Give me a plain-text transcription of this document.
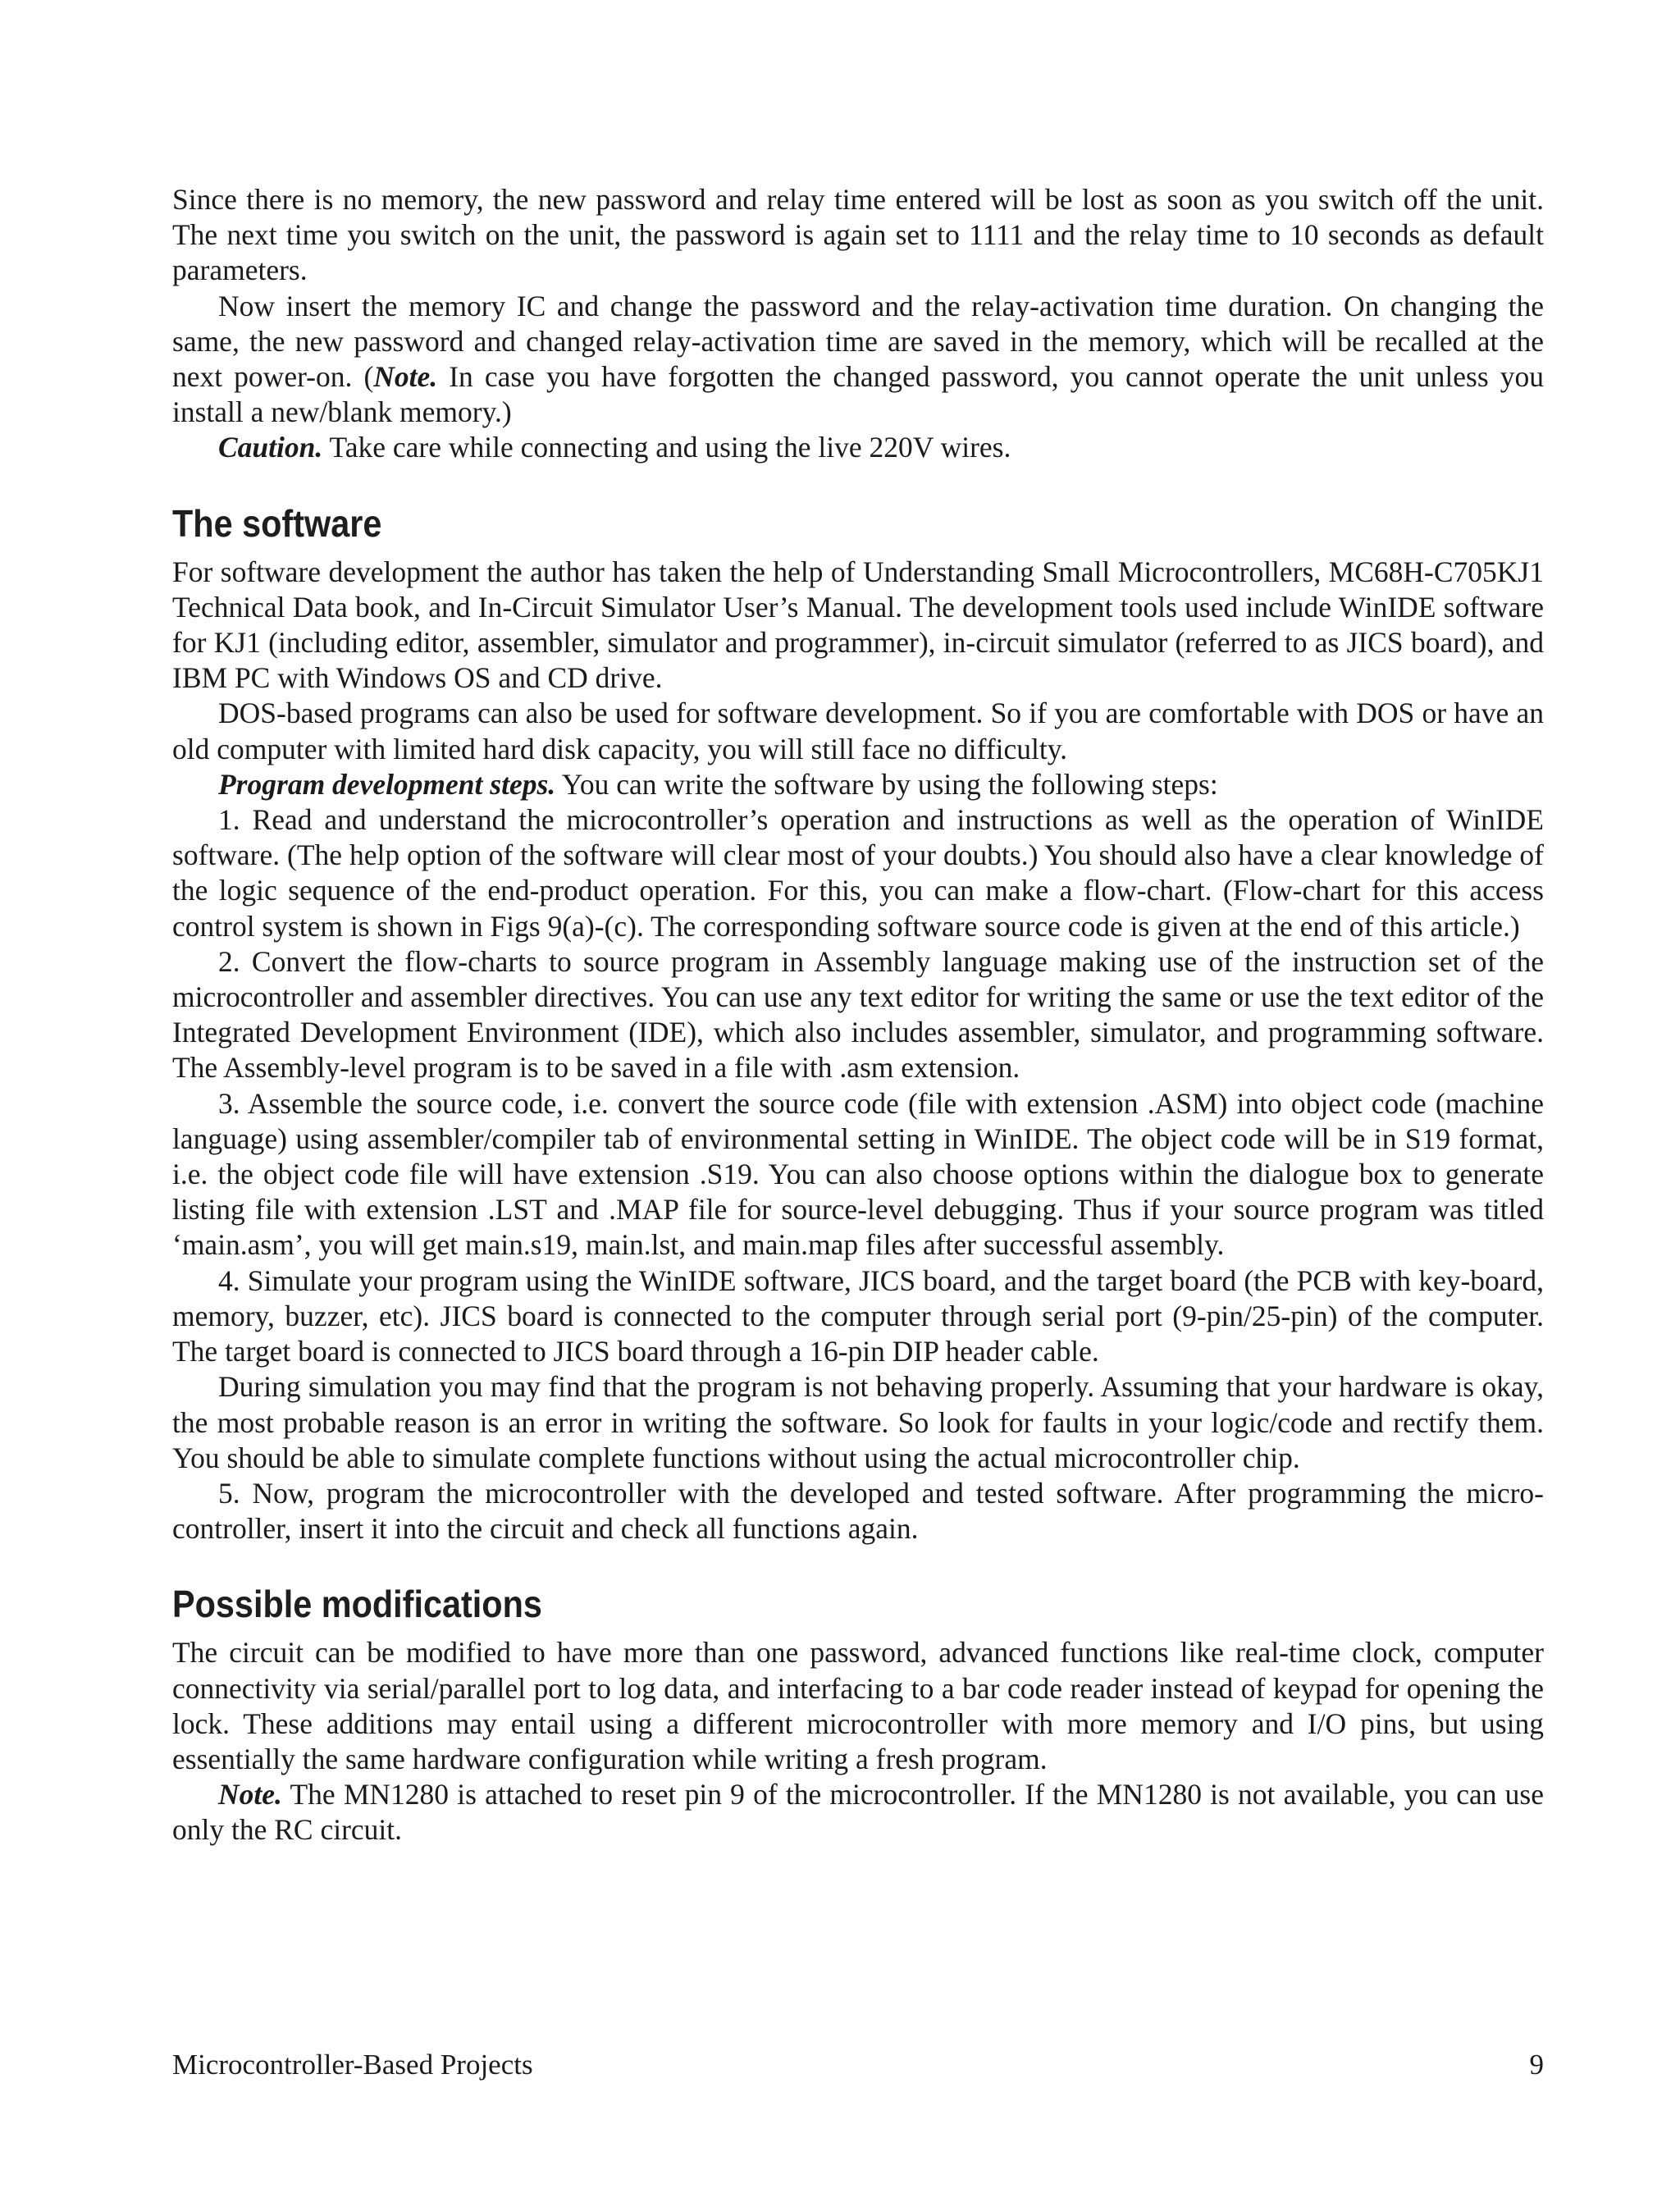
Since there is no memory, the new password and relay time entered will be lost as soon as you switch off the unit. The next time you switch on the unit, the password is again set to 1111 and the relay time to 10 seconds as default parameters.

Now insert the memory IC and change the password and the relay-activation time duration. On changing the same, the new password and changed relay-activation time are saved in the memory, which will be recalled at the next power-on. (Note. In case you have forgotten the changed password, you cannot operate the unit unless you install a new/blank memory.)

Caution. Take care while connecting and using the live 220V wires.

The software

For software development the author has taken the help of Understanding Small Microcontrollers, MC68H-C705KJ1 Technical Data book, and In-Circuit Simulator User’s Manual. The development tools used include WinIDE software for KJ1 (including editor, assembler, simulator and programmer), in-circuit simulator (referred to as JICS board), and IBM PC with Windows OS and CD drive.

DOS-based programs can also be used for software development. So if you are comfortable with DOS or have an old computer with limited hard disk capacity, you will still face no difficulty.

Program development steps. You can write the software by using the following steps:

1. Read and understand the microcontroller’s operation and instructions as well as the operation of WinIDE software. (The help option of the software will clear most of your doubts.) You should also have a clear knowledge of the logic sequence of the end-product operation. For this, you can make a flow-chart. (Flow-chart for this access control system is shown in Figs 9(a)-(c). The corresponding software source code is given at the end of this article.)

2. Convert the flow-charts to source program in Assembly language making use of the instruction set of the microcontroller and assembler directives. You can use any text editor for writing the same or use the text editor of the Integrated Development Environment (IDE), which also includes assembler, simulator, and programming software. The Assembly-level program is to be saved in a file with .asm extension.

3. Assemble the source code, i.e. convert the source code (file with extension .ASM) into object code (machine language) using assembler/compiler tab of environmental setting in WinIDE. The object code will be in S19 format, i.e. the object code file will have extension .S19. You can also choose options within the dialogue box to generate listing file with extension .LST and .MAP file for source-level debugging. Thus if your source program was titled ‘main.asm’, you will get main.s19, main.lst, and main.map files after successful assembly.

4. Simulate your program using the WinIDE software, JICS board, and the target board (the PCB with key-board, memory, buzzer, etc). JICS board is connected to the computer through serial port (9-pin/25-pin) of the computer. The target board is connected to JICS board through a 16-pin DIP header cable.

During simulation you may find that the program is not behaving properly. Assuming that your hardware is okay, the most probable reason is an error in writing the software. So look for faults in your logic/code and rectify them. You should be able to simulate complete functions without using the actual microcontroller chip.

5. Now, program the microcontroller with the developed and tested software. After programming the micro-controller, insert it into the circuit and check all functions again.

Possible modifications

The circuit can be modified to have more than one password, advanced functions like real-time clock, computer connectivity via serial/parallel port to log data, and interfacing to a bar code reader instead of keypad for opening the lock. These additions may entail using a different microcontroller with more memory and I/O pins, but using essentially the same hardware configuration while writing a fresh program.

Note. The MN1280 is attached to reset pin 9 of the microcontroller. If the MN1280 is not available, you can use only the RC circuit.

Microcontroller-Based Projects	9
